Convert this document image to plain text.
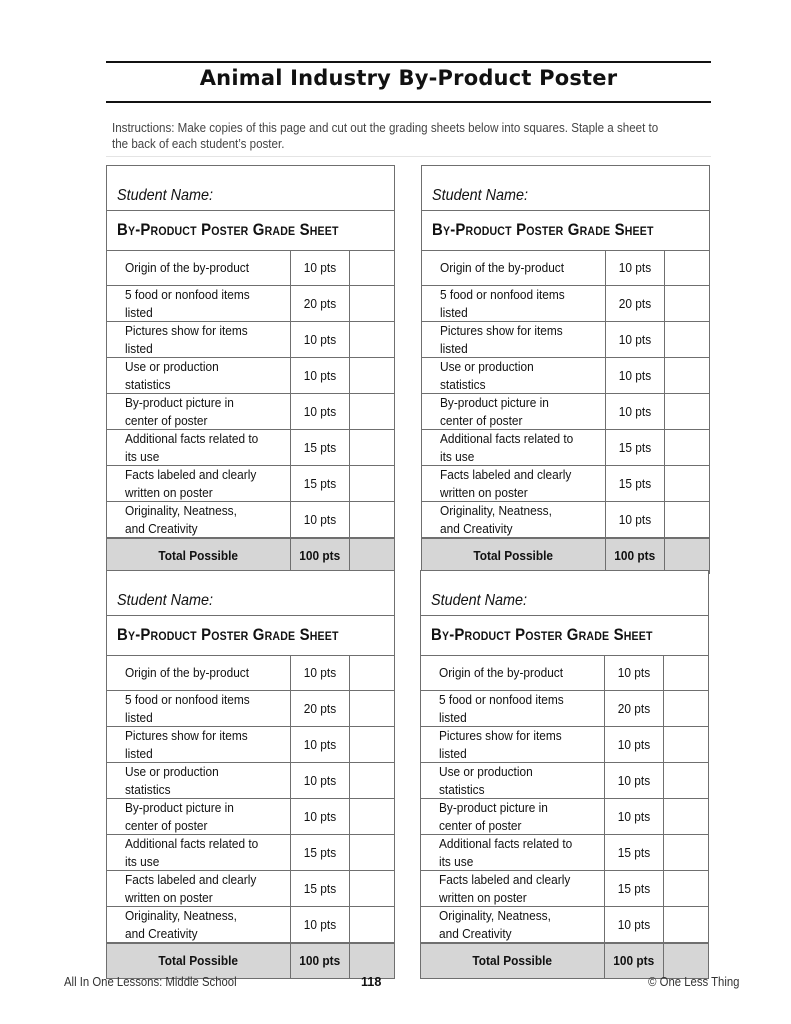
Animal Industry By-Product Poster
Instructions: Make copies of this page and cut out the grading sheets below into squares. Staple a sheet to the back of each student’s poster.
Student Name:
By-Product Poster Grade Sheet
Origin of the by-product	10 pts	

5 food or nonfood items
listed	20 pts	

Pictures show for items
listed	10 pts	

Use or production
statistics	10 pts	

By-product picture in
center of poster	10 pts	

Additional facts related to
its use	15 pts	

Facts labeled and clearly
written on poster	15 pts	

Originality, Neatness,
and Creativity	10 pts	
Total Possible	100 pts	
Student Name:
By-Product Poster Grade Sheet
Origin of the by-product	10 pts	

5 food or nonfood items
listed	20 pts	

Pictures show for items
listed	10 pts	

Use or production
statistics	10 pts	

By-product picture in
center of poster	10 pts	

Additional facts related to
its use	15 pts	

Facts labeled and clearly
written on poster	15 pts	

Originality, Neatness,
and Creativity	10 pts	
Total Possible	100 pts	
Student Name:
By-Product Poster Grade Sheet
Origin of the by-product	10 pts	

5 food or nonfood items
listed	20 pts	

Pictures show for items
listed	10 pts	

Use or production
statistics	10 pts	

By-product picture in
center of poster	10 pts	

Additional facts related to
its use	15 pts	

Facts labeled and clearly
written on poster	15 pts	

Originality, Neatness,
and Creativity	10 pts	
Total Possible	100 pts	
Student Name:
By-Product Poster Grade Sheet
Origin of the by-product	10 pts	

5 food or nonfood items
listed	20 pts	

Pictures show for items
listed	10 pts	

Use or production
statistics	10 pts	

By-product picture in
center of poster	10 pts	

Additional facts related to
its use	15 pts	

Facts labeled and clearly
written on poster	15 pts	

Originality, Neatness,
and Creativity	10 pts	
Total Possible	100 pts	
All In One Lessons: Middle School	118	© One Less Thing
